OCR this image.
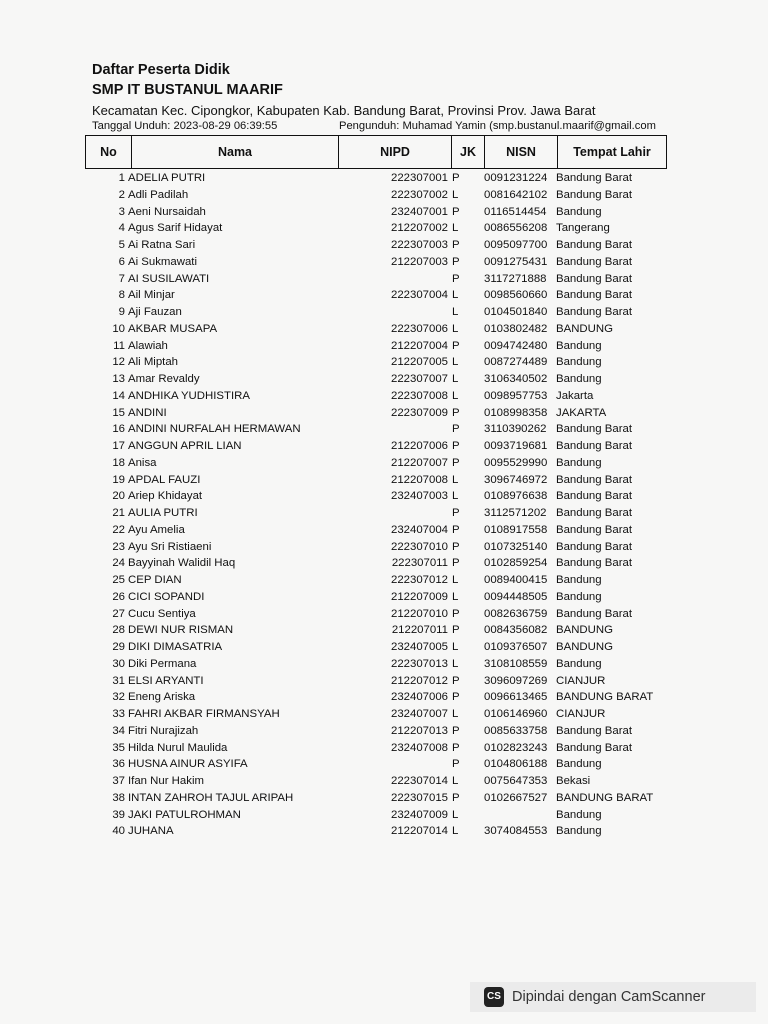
Daftar Peserta Didik
SMP IT BUSTANUL MAARIF
Kecamatan Kec. Cipongkor, Kabupaten Kab. Bandung Barat, Provinsi Prov. Jawa Barat
Tanggal Unduh: 2023-08-29 06:39:55	Pengunduh: Muhamad Yamin (smp.bustanul.maarif@gmail.com
No	Nama	NIPD	JK	NISN	Tempat Lahir
1 ADELIA PUTRI	222307001 P 0091231224 Bandung Barat
2 Adli Padilah	222307002 L 0081642102 Bandung Barat
3 Aeni Nursaidah	232407001 P 0116514454 Bandung
4 Agus Sarif Hidayat	212207002 L 0086556208 Tangerang
5 Ai Ratna Sari	222307003 P 0095097700 Bandung Barat
6 Ai Sukmawati	212207003 P 0091275431 Bandung Barat
7 AI SUSILAWATI	P 3117271888 Bandung Barat
8 Ail Minjar	222307004 L 0098560660 Bandung Barat
9 Aji Fauzan	L 0104501840 Bandung Barat
10 AKBAR MUSAPA	222307006 L 0103802482 BANDUNG
11 Alawiah	212207004 P 0094742480 Bandung
12 Ali Miptah	212207005 L 0087274489 Bandung
13 Amar Revaldy	222307007 L 3106340502 Bandung
14 ANDHIKA YUDHISTIRA	222307008 L 0098957753 Jakarta
15 ANDINI	222307009 P 0108998358 JAKARTA
16 ANDINI NURFALAH HERMAWAN	P 3110390262 Bandung Barat
17 ANGGUN APRIL LIAN	212207006 P 0093719681 Bandung Barat
18 Anisa	212207007 P 0095529990 Bandung
19 APDAL FAUZI	212207008 L 3096746972 Bandung Barat
20 Ariep Khidayat	232407003 L 0108976638 Bandung Barat
21 AULIA PUTRI	P 3112571202 Bandung Barat
22 Ayu Amelia	232407004 P 0108917558 Bandung Barat
23 Ayu Sri Ristiaeni	222307010 P 0107325140 Bandung Barat
24 Bayyinah Walidil Haq	222307011 P 0102859254 Bandung Barat
25 CEP DIAN	222307012 L 0089400415 Bandung
26 CICI SOPANDI	212207009 L 0094448505 Bandung
27 Cucu Sentiya	212207010 P 0082636759 Bandung Barat
28 DEWI NUR RISMAN	212207011 P 0084356082 BANDUNG
29 DIKI DIMASATRIA	232407005 L 0109376507 BANDUNG
30 Diki Permana	222307013 L 3108108559 Bandung
31 ELSI ARYANTI	212207012 P 3096097269 CIANJUR
32 Eneng Ariska	232407006 P 0096613465 BANDUNG BARAT
33 FAHRI AKBAR FIRMANSYAH	232407007 L 0106146960 CIANJUR
34 Fitri Nurajizah	212207013 P 0085633758 Bandung Barat
35 Hilda Nurul Maulida	232407008 P 0102823243 Bandung Barat
36 HUSNA AINUR ASYIFA	P 0104806188 Bandung
37 Ifan Nur Hakim	222307014 L 0075647353 Bekasi
38 INTAN ZAHROH TAJUL ARIPAH	222307015 P 0102667527 BANDUNG BARAT
39 JAKI PATULROHMAN	232407009 L	Bandung
40 JUHANA	212207014 L 3074084553 Bandung
CS Dipindai dengan CamScanner
